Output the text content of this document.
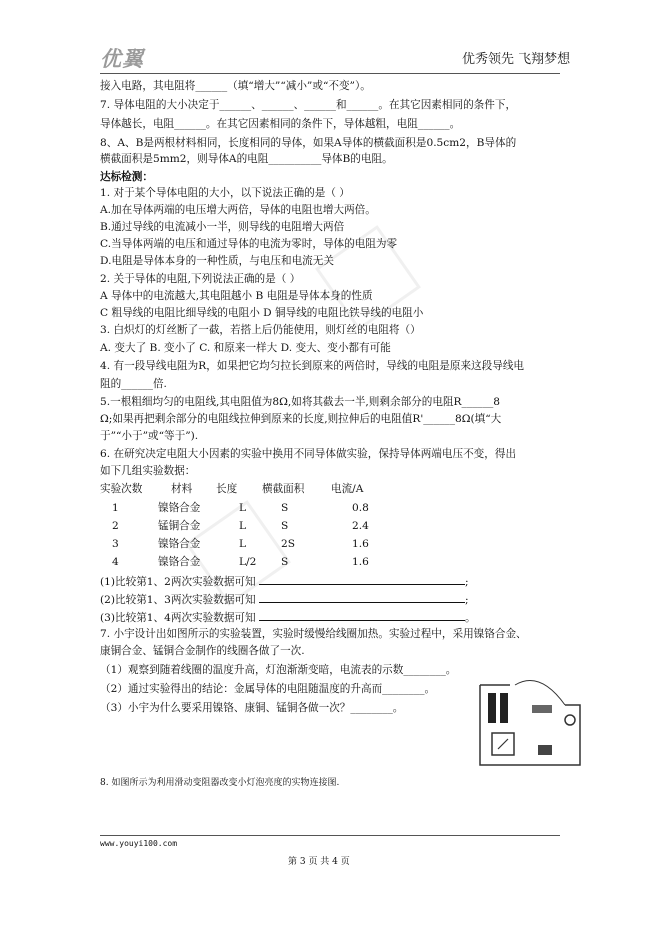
优翼	优秀领先 飞翔梦想
接入电路，其电阻将______（填“增大”“减小”或“不变”）。
7. 导体电阻的大小决定于______、______、______和______。在其它因素相同的条件下，
导体越长，电阻______。在其它因素相同的条件下，导体越粗，电阻______。
8、A、B是两根材料相同，长度相同的导体，如果A导体的横截面积是0.5cm2，B导体的
横截面积是5mm2，则导体A的电阻__________导体B的电阻。
达标检测：
1. 对于某个导体电阻的大小，以下说法正确的是（ ）
A.加在导体两端的电压增大两倍，导体的电阻也增大两倍。
B.通过导线的电流减小一半，则导线的电阻增大两倍
C.当导体两端的电压和通过导体的电流为零时，导体的电阻为零
D.电阻是导体本身的一种性质，与电压和电流无关
2. 关于导体的电阻,下列说法正确的是（ ）
A 导体中的电流越大,其电阻越小 B 电阻是导体本身的性质
C 粗导线的电阻比细导线的电阻小 D 铜导线的电阻比铁导线的电阻小
3. 白炽灯的灯丝断了一截，若搭上后仍能使用，则灯丝的电阻将（）
A. 变大了 B. 变小了 C. 和原来一样大 D. 变大、变小都有可能
4. 有一段导线电阻为R，如果把它均匀拉长到原来的两倍时，导线的电阻是原来这段导线电
阻的______倍.
5.一根粗细均匀的电阻线,其电阻值为8Ω,如将其截去一半,则剩余部分的电阻R______8
Ω;如果再把剩余部分的电阻线拉伸到原来的长度,则拉伸后的电阻值R'______8Ω(填“大
于”“小于”或“等于”).
6. 在研究决定电阻大小因素的实验中换用不同导体做实验，保持导体两端电压不变，得出
如下几组实验数据：
实验次数	材料 长度 横截面积	电流/A
1	镍铬合金	L	S	0.8
2	锰铜合金	L	S	2.4
3	镍铬合金	L	2S	1.6
4	镍铬合金	L/2 S	1.6
(1)比较第1、2两次实验数据可知	;
(2)比较第1、3两次实验数据可知	;
(3)比较第1、4两次实验数据可知	。
7. 小宇设计出如图所示的实验装置，实验时缓慢给线圈加热。实验过程中，采用镍铬合金、
康铜合金、锰铜合金制作的线圈各做了一次.
（1）观察到随着线圈的温度升高，灯泡渐渐变暗，电流表的示数________。
（2）通过实验得出的结论：金属导体的电阻随温度的升高而________。
（3）小宇为什么要采用镍铬、康铜、锰铜各做一次？________。
8. 如图所示为利用滑动变阻器改变小灯泡亮度的实物连接图.
www.youyi100.com
第 3 页 共 4 页
